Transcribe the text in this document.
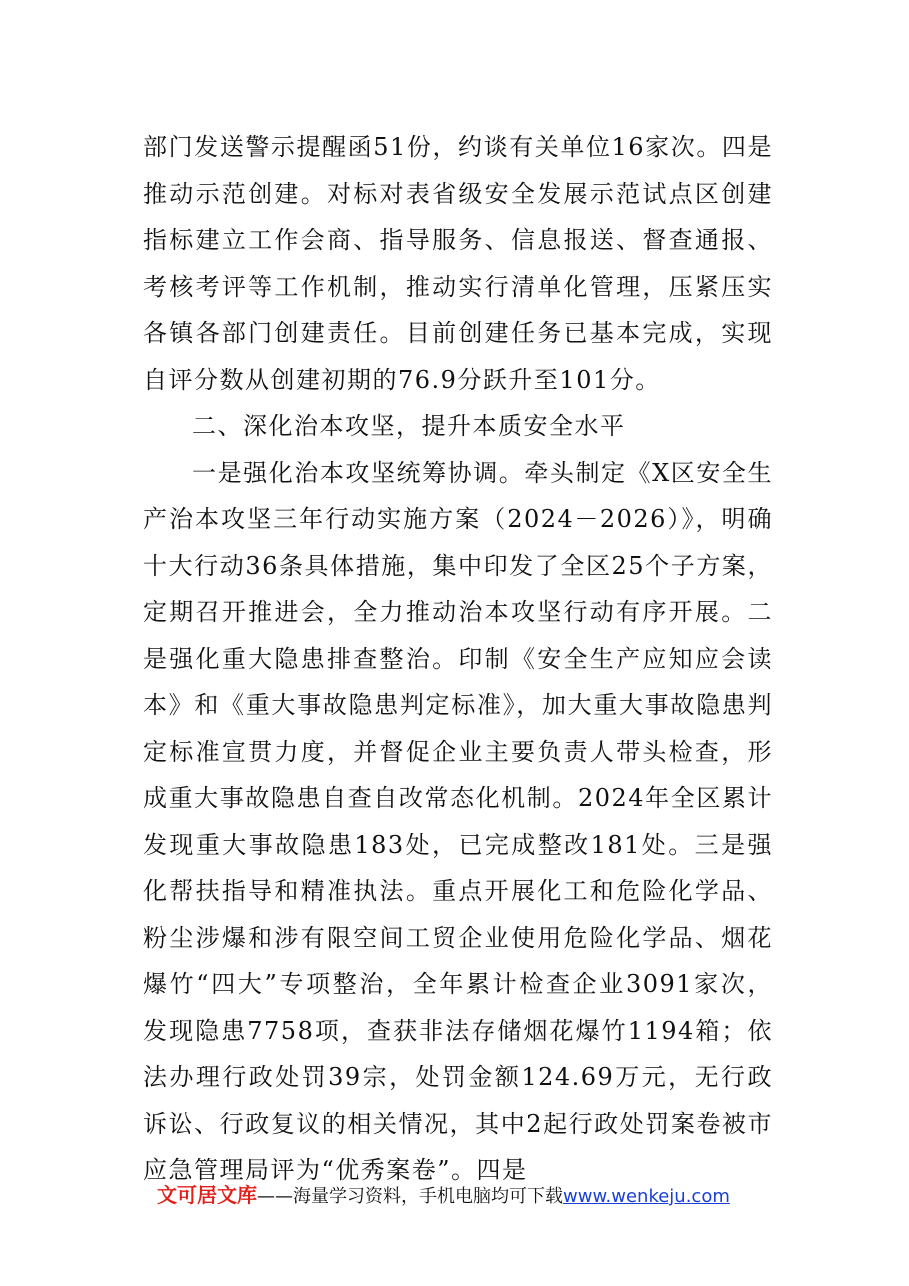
部门发送警示提醒函51份，约谈有关单位16家次。四是推动示范创建。对标对表省级安全发展示范试点区创建指标建立工作会商、指导服务、信息报送、督查通报、考核考评等工作机制，推动实行清单化管理，压紧压实各镇各部门创建责任。目前创建任务已基本完成，实现自评分数从创建初期的76.9分跃升至101分。

二、深化治本攻坚，提升本质安全水平

一是强化治本攻坚统筹协调。牵头制定《X区安全生产治本攻坚三年行动实施方案（2024－2026）》，明确十大行动36条具体措施，集中印发了全区25个子方案，定期召开推进会，全力推动治本攻坚行动有序开展。二是强化重大隐患排查整治。印制《安全生产应知应会读本》和《重大事故隐患判定标准》，加大重大事故隐患判定标准宣贯力度，并督促企业主要负责人带头检查，形成重大事故隐患自查自改常态化机制。2024年全区累计发现重大事故隐患183处，已完成整改181处。三是强化帮扶指导和精准执法。重点开展化工和危险化学品、粉尘涉爆和涉有限空间工贸企业使用危险化学品、烟花爆竹“四大”专项整治，全年累计检查企业3091家次，发现隐患7758项，查获非法存储烟花爆竹1194箱；依法办理行政处罚39宗，处罚金额124.69万元，无行政诉讼、行政复议的相关情况，其中2起行政处罚案卷被市应急管理局评为“优秀案卷”。四是

文可居文库——海量学习资料，手机电脑均可下载www.wenkeju.com
